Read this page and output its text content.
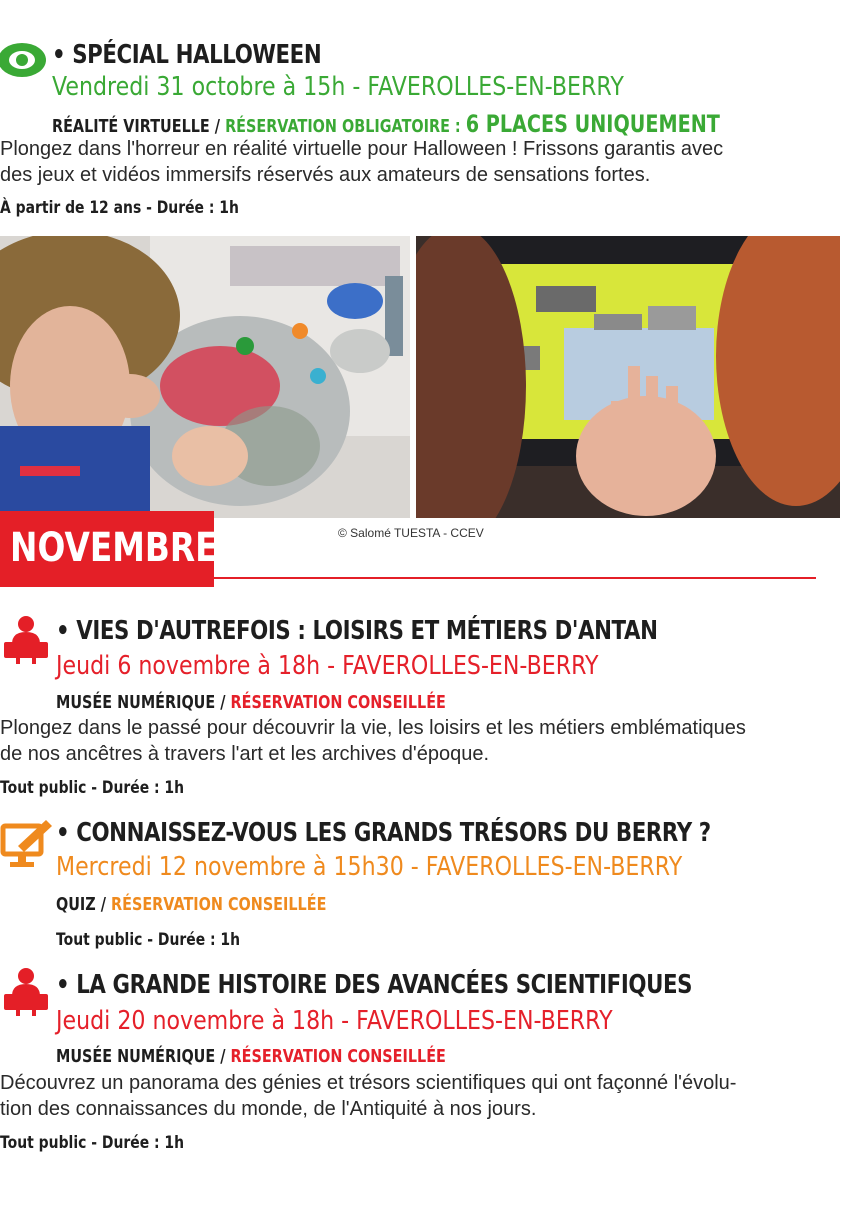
• SPÉCIAL HALLOWEEN
Vendredi 31 octobre à 15h - FAVEROLLES-EN-BERRY
RÉALITÉ VIRTUELLE / RÉSERVATION OBLIGATOIRE : 6 PLACES UNIQUEMENT
Plongez dans l'horreur en réalité virtuelle pour Halloween ! Frissons garantis avec
des jeux et vidéos immersifs réservés aux amateurs de sensations fortes.
À partir de 12 ans - Durée : 1h
© Salomé TUESTA - CCEV
NOVEMBRE
• VIES D'AUTREFOIS : LOISIRS ET MÉTIERS D'ANTAN
Jeudi 6 novembre à 18h - FAVEROLLES-EN-BERRY
MUSÉE NUMÉRIQUE / RÉSERVATION CONSEILLÉE
Plongez dans le passé pour découvrir la vie, les loisirs et les métiers emblématiques
de nos ancêtres à travers l'art et les archives d'époque.
Tout public - Durée : 1h
• CONNAISSEZ-VOUS LES GRANDS TRÉSORS DU BERRY ?
Mercredi 12 novembre à 15h30 - FAVEROLLES-EN-BERRY
QUIZ / RÉSERVATION CONSEILLÉE
Tout public - Durée : 1h
• LA GRANDE HISTOIRE DES AVANCÉES SCIENTIFIQUES
Jeudi 20 novembre à 18h - FAVEROLLES-EN-BERRY
MUSÉE NUMÉRIQUE / RÉSERVATION CONSEILLÉE
Découvrez un panorama des génies et trésors scientifiques qui ont façonné l'évolu-
tion des connaissances du monde, de l'Antiquité à nos jours.
Tout public - Durée : 1h
